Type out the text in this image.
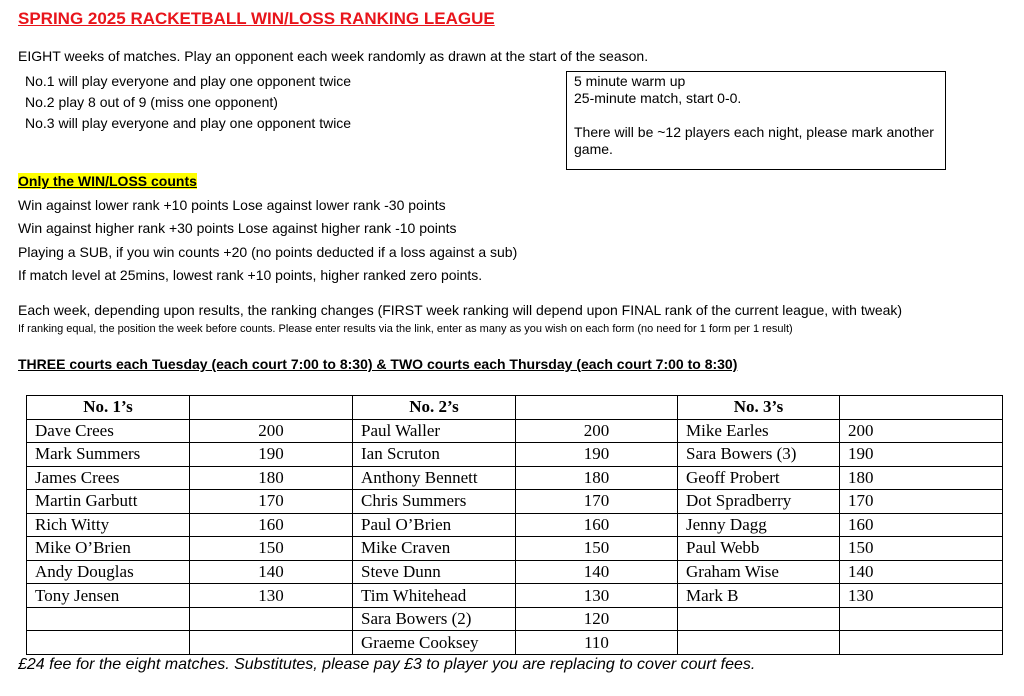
SPRING 2025 RACKETBALL WIN/LOSS RANKING LEAGUE
EIGHT weeks of matches. Play an opponent each week randomly as drawn at the start of the season.
No.1 will play everyone and play one opponent twice
No.2 play 8 out of 9 (miss one opponent)
No.3 will play everyone and play one opponent twice
5 minute warm up
25-minute match, start 0-0.
There will be ~12 players each night, please mark another game.
Only the WIN/LOSS counts
Win against lower rank +10 points Lose against lower rank -30 points
Win against higher rank +30 points Lose against higher rank -10 points
Playing a SUB, if you win counts +20 (no points deducted if a loss against a sub)
If match level at 25mins, lowest rank +10 points, higher ranked zero points.
Each week, depending upon results, the ranking changes (FIRST week ranking will depend upon FINAL rank of the current league, with tweak)
If ranking equal, the position the week before counts. Please enter results via the link, enter as many as you wish on each form (no need for 1 form per 1 result)
THREE courts each Tuesday (each court 7:00 to 8:30) & TWO courts each Thursday (each court 7:00 to 8:30)
No. 1’s		No. 2’s		No. 3’s	
Dave Crees	200	Paul Waller	200	Mike Earles	200
Mark Summers	190	Ian Scruton	190	Sara Bowers (3)	190
James Crees	180	Anthony Bennett	180	Geoff Probert	180
Martin Garbutt	170	Chris Summers	170	Dot Spradberry	170
Rich Witty	160	Paul O’Brien	160	Jenny Dagg	160
Mike O’Brien	150	Mike Craven	150	Paul Webb	150
Andy Douglas	140	Steve Dunn	140	Graham Wise	140
Tony Jensen	130	Tim Whitehead	130	Mark B	130
		Sara Bowers (2)	120		
		Graeme Cooksey	110		
£24 fee for the eight matches. Substitutes, please pay £3 to player you are replacing to cover court fees.
